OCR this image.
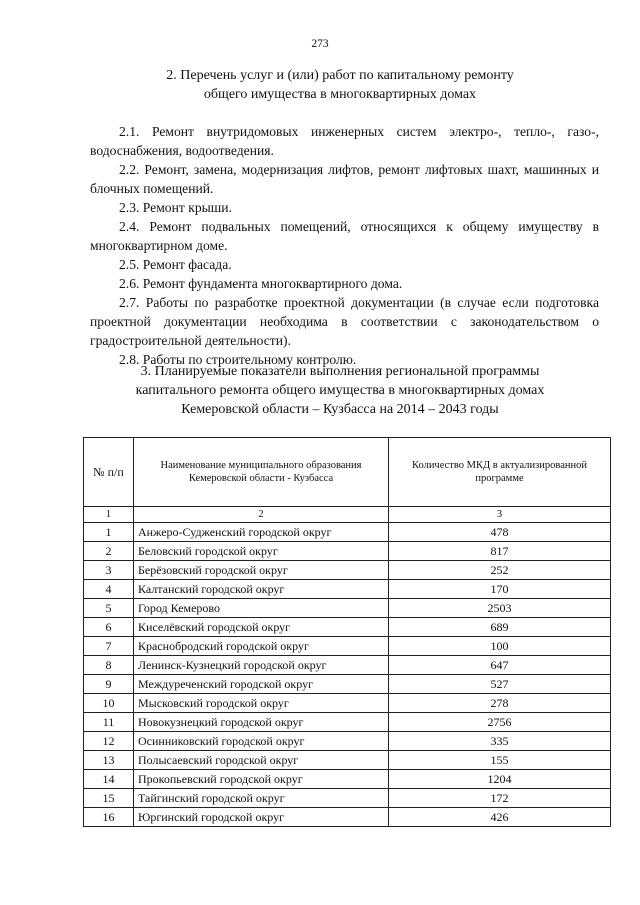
273
2. Перечень услуг и (или) работ по капитальному ремонту
общего имущества в многоквартирных домах
2.1. Ремонт внутридомовых инженерных систем электро-, тепло-, газо-, водоснабжения, водоотведения.
2.2. Ремонт, замена, модернизация лифтов, ремонт лифтовых шахт, машинных и блочных помещений.
2.3. Ремонт крыши.
2.4. Ремонт подвальных помещений, относящихся к общему имуществу в многоквартирном доме.
2.5. Ремонт фасада.
2.6. Ремонт фундамента многоквартирного дома.
2.7. Работы по разработке проектной документации (в случае если подготовка проектной документации необходима в соответствии с законодательством о градостроительной деятельности).
2.8. Работы по строительному контролю.
3. Планируемые показатели выполнения региональной программы
капитального ремонта общего имущества в многоквартирных домах
Кемеровской области – Кузбасса на 2014 – 2043 годы
№ п/п	Наименование муниципального образования Кемеровской области - Кузбасса	Количество МКД в актуализированной программе
1	2	3
1	Анжеро-Судженский городской округ	478
2	Беловский городской округ	817
3	Берёзовский городской округ	252
4	Калтанский городской округ	170
5	Город Кемерово	2503
6	Киселёвский городской округ	689
7	Краснобродский городской округ	100
8	Ленинск-Кузнецкий городской округ	647
9	Междуреченский городской округ	527
10	Мысковский городской округ	278
11	Новокузнецкий городской округ	2756
12	Осинниковский городской округ	335
13	Полысаевский городской округ	155
14	Прокопьевский городской округ	1204
15	Тайгинский городской округ	172
16	Юргинский городской округ	426
